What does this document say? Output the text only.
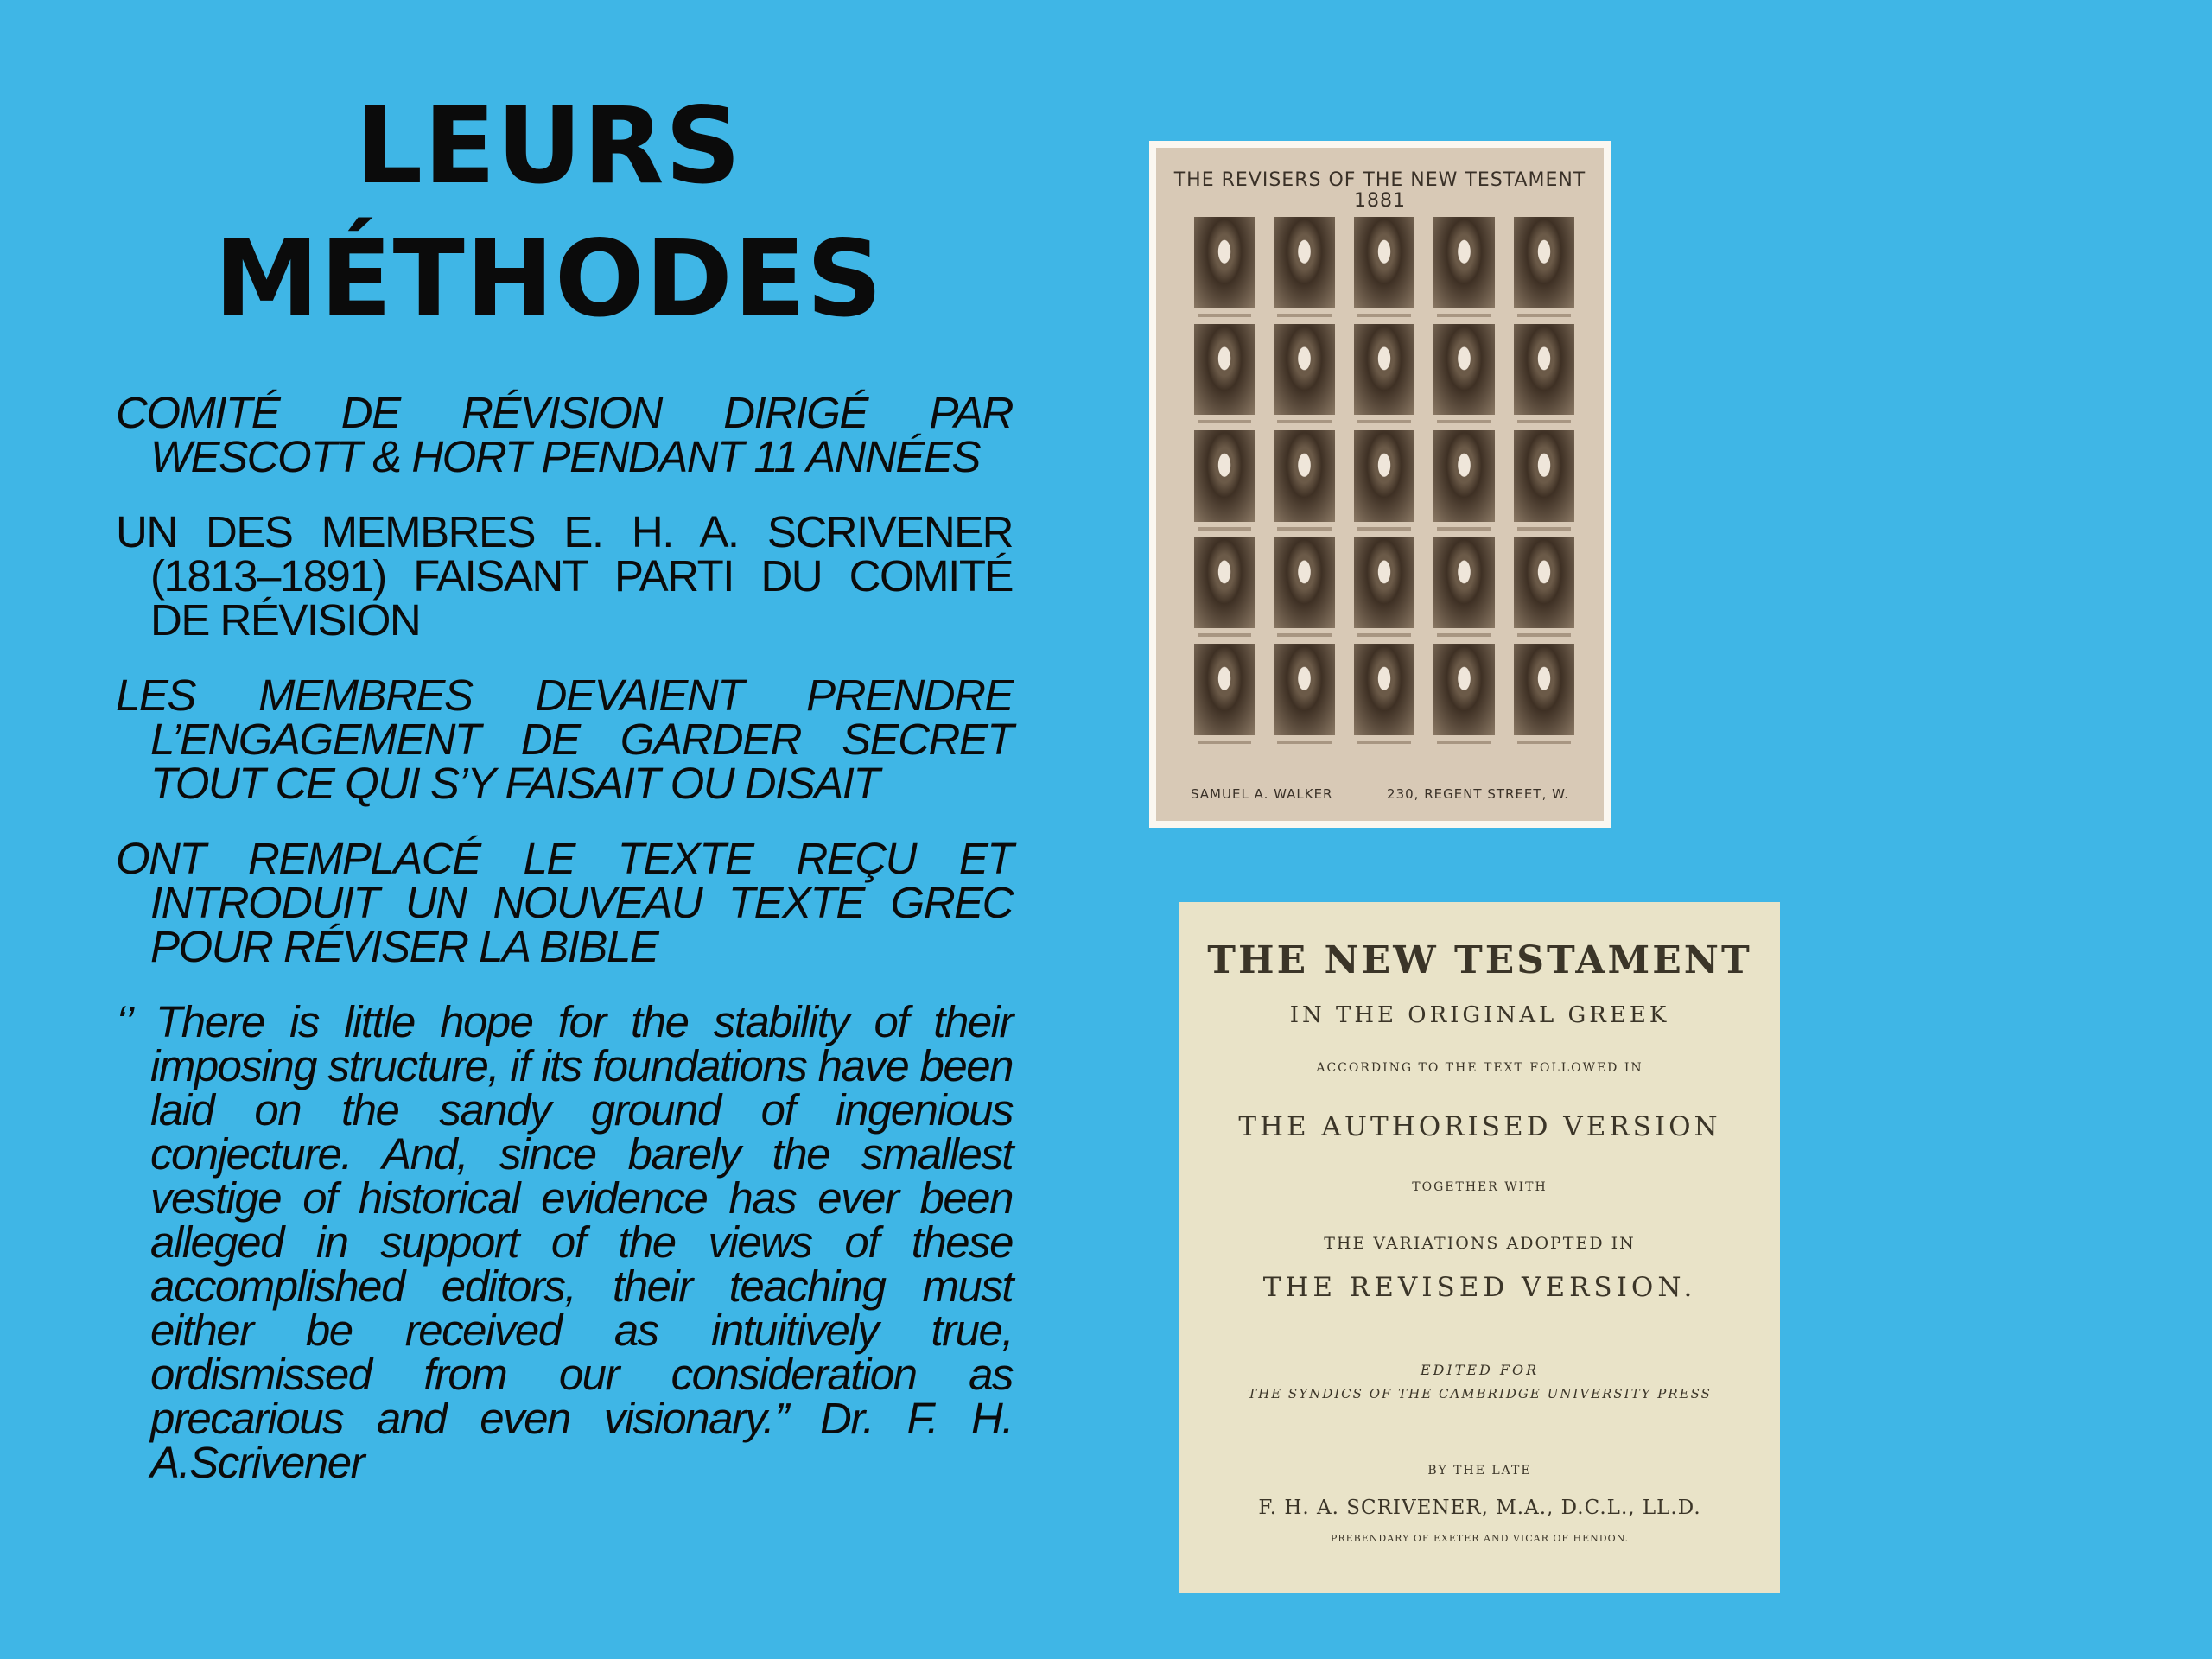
LEURS
MÉTHODES

COMITÉ DE RÉVISION DIRIGÉ PAR WESCOTT & HORT PENDANT 11 ANNÉES

UN DES MEMBRES E. H. A. SCRIVENER (1813–1891) FAISANT PARTI DU COMITÉ DE RÉVISION

LES MEMBRES DEVAIENT PRENDRE L’ENGAGEMENT DE GARDER SECRET TOUT CE QUI S’Y FAISAIT OU DISAIT

ONT REMPLACÉ LE TEXTE REÇU ET INTRODUIT UN NOUVEAU TEXTE GREC POUR RÉVISER LA BIBLE

‘’ There is little hope for the stability of their imposing structure, if its foundations have been laid on the sandy ground of ingenious conjecture. And, since barely the smallest vestige of historical evidence has ever been alleged in support of the views of these accomplished editors, their teaching must either be received as intuitively true, ordismissed from our consideration as precarious and even visionary.’’ Dr. F. H. A.Scrivener

THE REVISERS OF THE NEW TESTAMENT
1881
SAMUEL A. WALKER	230, REGENT STREET, W.

THE NEW TESTAMENT

IN THE ORIGINAL GREEK

ACCORDING TO THE TEXT FOLLOWED IN

THE AUTHORISED VERSION

TOGETHER WITH

THE VARIATIONS ADOPTED IN

THE REVISED VERSION.

EDITED FOR

THE SYNDICS OF THE CAMBRIDGE UNIVERSITY PRESS

BY THE LATE

F. H. A. SCRIVENER, M.A., D.C.L., LL.D.

PREBENDARY OF EXETER AND VICAR OF HENDON.
